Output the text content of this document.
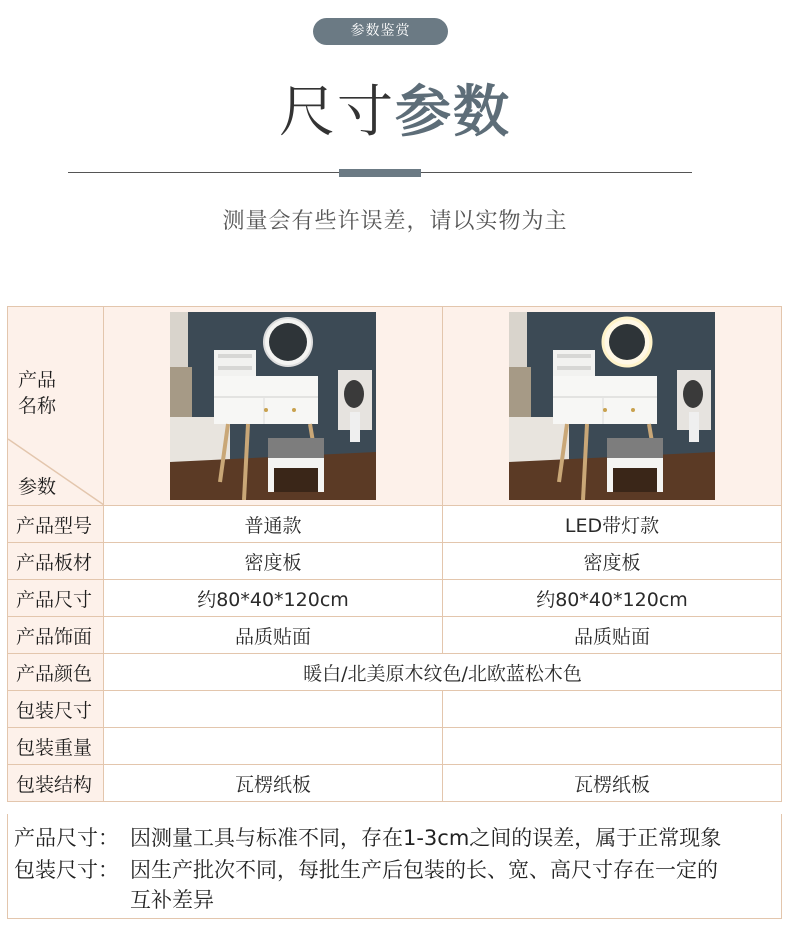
参数鉴赏
尺寸参数
测量会有些许误差，请以实物为主
产品
名称
参数

产品型号	普通款	LED带灯款
产品板材	密度板	密度板
产品尺寸	约80*40*120cm	约80*40*120cm
产品饰面	品质贴面	品质贴面
产品颜色	暖白/北美原木纹色/北欧蓝松木色	
包装尺寸		
包装重量		
包装结构	瓦楞纸板	瓦楞纸板
产品尺寸： 因测量工具与标准不同，存在1-3cm之间的误差，属于正常现象
包装尺寸： 因生产批次不同，每批生产后包装的长、宽、高尺寸存在一定的
互补差异
